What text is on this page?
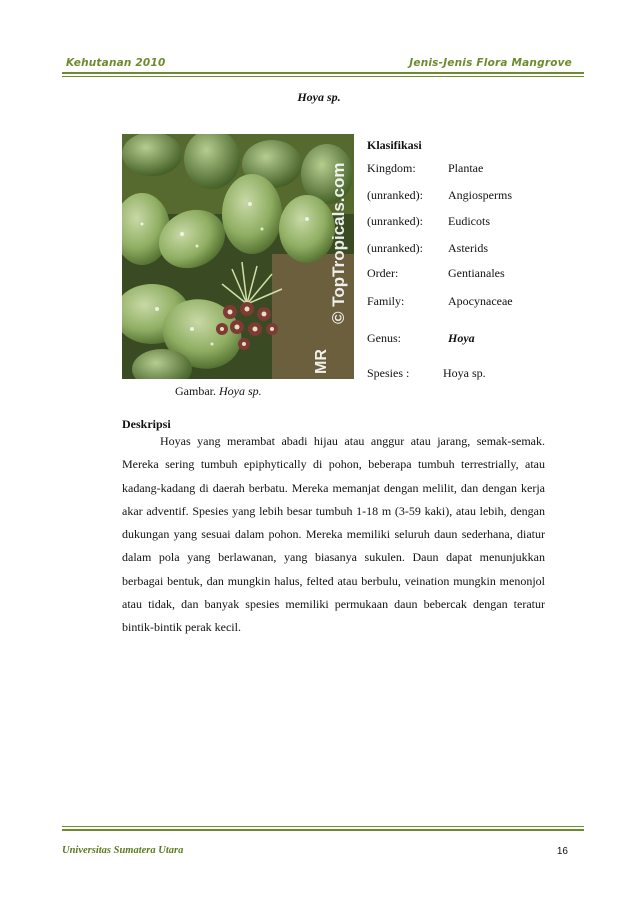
Kehutanan 2010	Jenis-Jenis Flora Mangrove
Hoya sp.
© TopTropicals.com
MR
Gambar. Hoya sp.
Klasifikasi
Kingdom:	Plantae
(unranked): Angiosperms
(unranked): Eudicots
(unranked): Asterids
Order:	Gentianales
Family:	Apocynaceae
Genus:	Hoya
Spesies :	Hoya sp.
Deskripsi
Hoyas yang merambat abadi hijau atau anggur atau jarang, semak-semak. Mereka sering tumbuh epiphytically di pohon, beberapa tumbuh terrestrially, atau kadang-kadang di daerah berbatu. Mereka memanjat dengan melilit, dan dengan kerja akar adventif. Spesies yang lebih besar tumbuh 1-18 m (3-59 kaki), atau lebih, dengan dukungan yang sesuai dalam pohon. Mereka memiliki seluruh daun sederhana, diatur dalam pola yang berlawanan, yang biasanya sukulen. Daun dapat menunjukkan berbagai bentuk, dan mungkin halus, felted atau berbulu, veination mungkin menonjol atau tidak, dan banyak spesies memiliki permukaan daun bebercak dengan teratur bintik-bintik perak kecil.
Universitas Sumatera Utara	16
